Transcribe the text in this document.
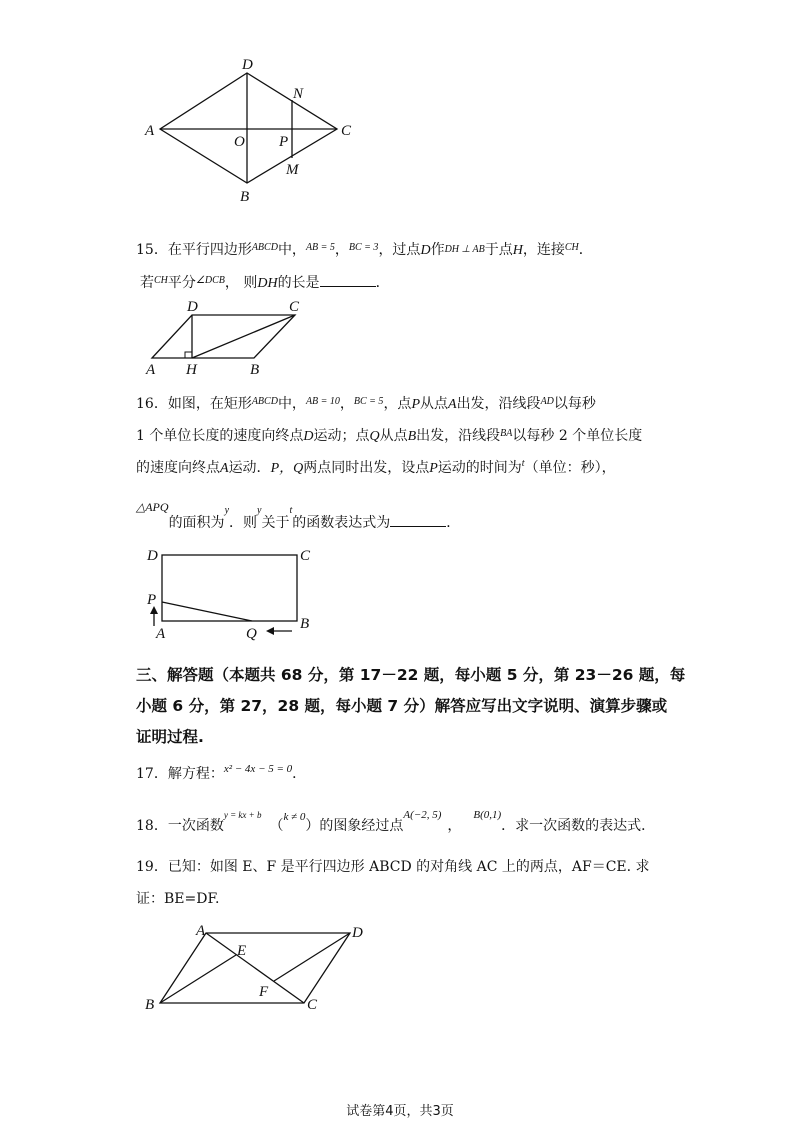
A
D
C
B
O P
N
M
15．在平行四边形$^{ABCD}$中，$^{AB = 5}$，$^{BC = 3}$，过点D作DH ⊥ AB于点H，连接$^{CH}$．
若$^{CH}$平分$^{\angle DCB}$， 则DH的长是	．
A H	B
D	C
16．如图，在矩形$^{ABCD}$中，$^{AB = 10}$，$^{BC = 5}$，点P从点A出发，沿线段$^{AD}$以每秒
1 个单位长度的速度向终点D运动；点Q从点B出发，沿线段$^{BA}$以每秒 2 个单位长度
的速度向终点A运动．P，Q两点同时出发，设点P运动的时间为$^t$（单位：秒），
△APQ的面积为$^y$．则$^y$关于$^t$的函数表达式为	．
D	C
P
A
B
Q
三、解答题（本题共 68 分，第 17－22 题，每小题 5 分，第 23－26 题，每
小题 6 分，第 27，28 题，每小题 7 分）解答应写出文字说明、演算步骤或
证明过程.
17．解方程：$^{x^2 - 4x - 5 = 0}$．
18．一次函数$^{y = kx + b}$（$^{k \ne 0}$）的图象经过点$^{A(-2, 5)}$，$^{B(0,1)}$．求一次函数的表达式．
19．已知：如图 E、F 是平行四边形 ABCD 的对角线 AC 上的两点，AF＝CE. 求
证：BE=DF.
A	D
B	C
E
F
试卷第4页，共3页
